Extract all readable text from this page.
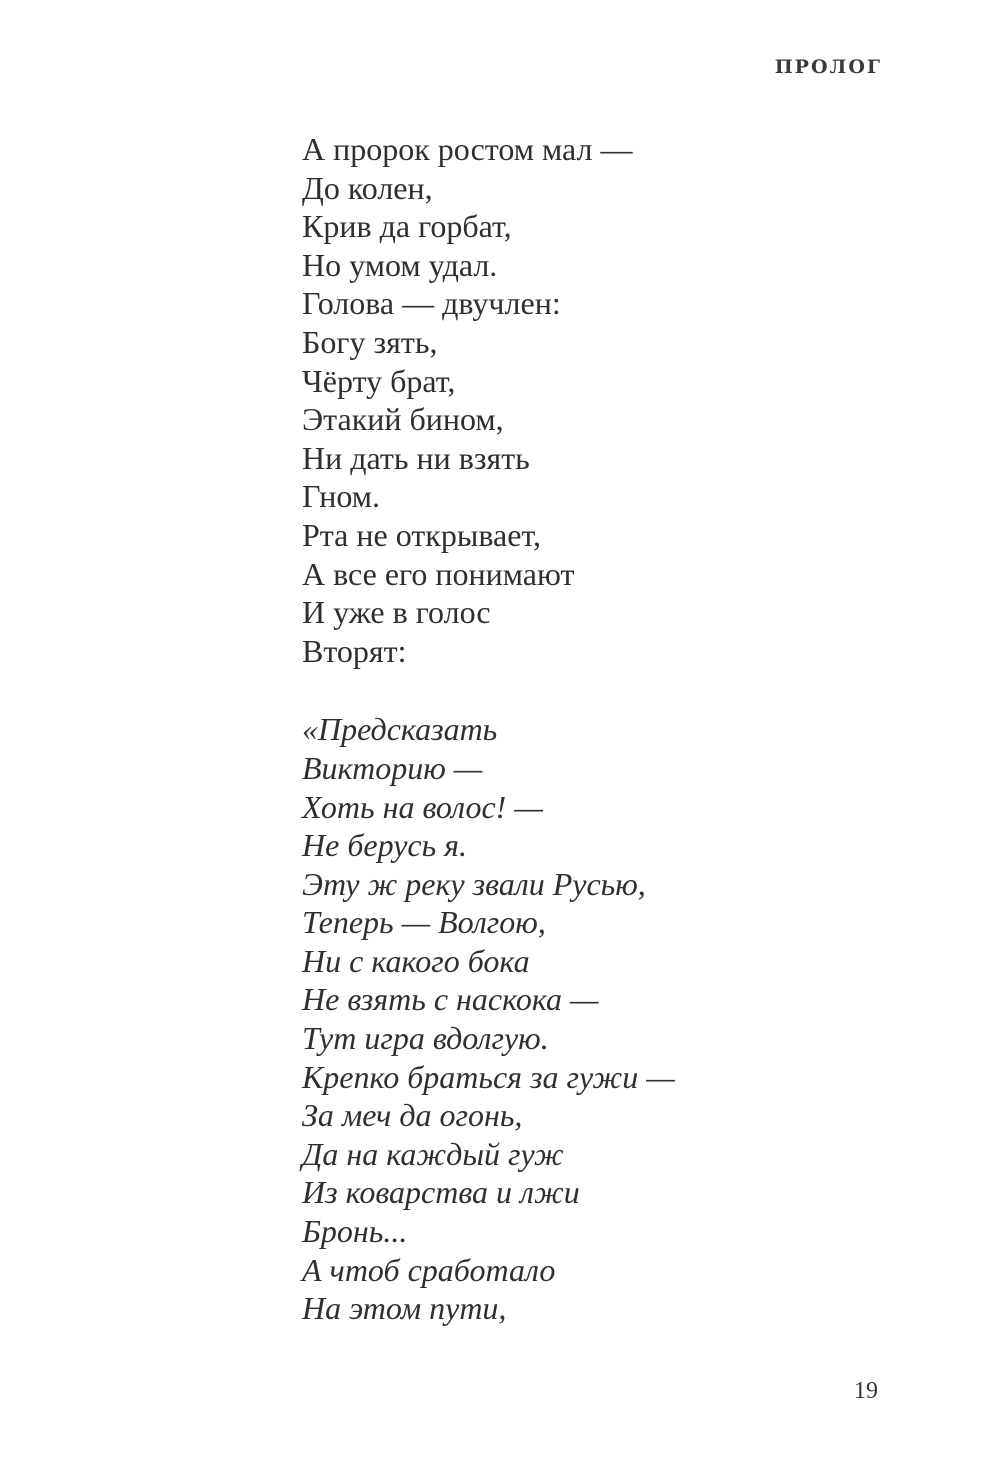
ПРОЛОГ
А пророк ростом мал —
До колен,
Крив да горбат,
Но умом удал.
Голова — двучлен:
Богу зять,
Чёрту брат,
Этакий бином,
Ни дать ни взять
Гном.
Рта не открывает,
А все его понимают
И уже в голос
Вторят:
«Предсказать
Викторию —
Хоть на волос! —
Не берусь я.
Эту ж реку звали Русью,
Теперь — Волгою,
Ни с какого бока
Не взять с наскока —
Тут игра вдолгую.
Крепко браться за гужи —
За меч да огонь,
Да на каждый гуж
Из коварства и лжи
Бронь...
А чтоб сработало
На этом пути,
19
